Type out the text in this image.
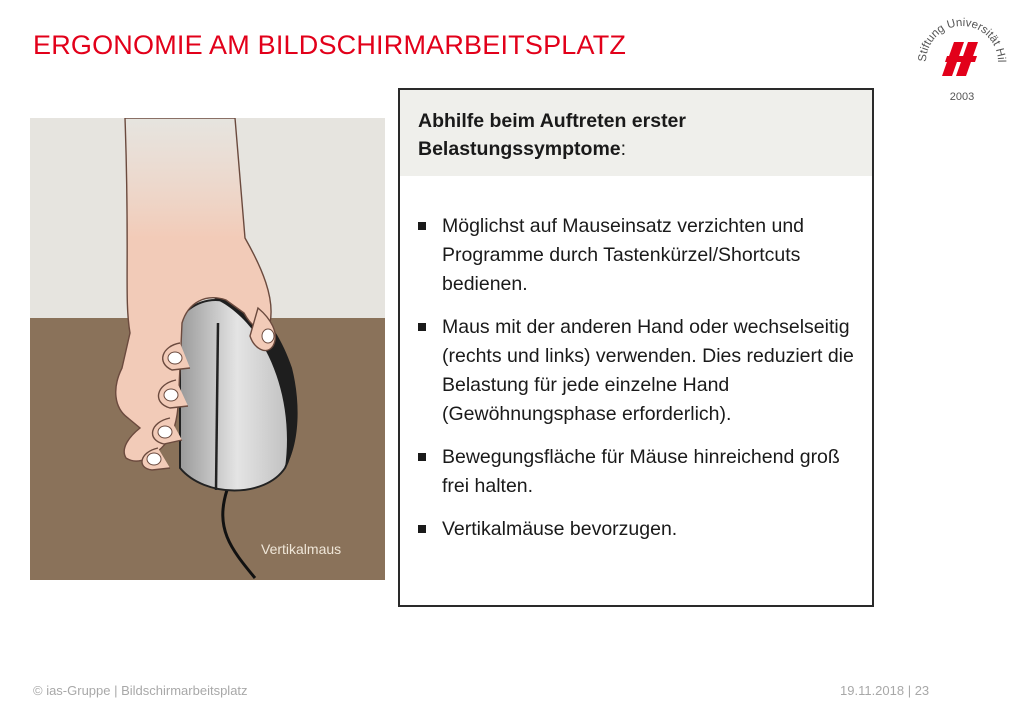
ERGONOMIE AM BILDSCHIRMARBEITSPLATZ	Stiftung Universität Hil
2003
Vertikalmaus
Abhilfe beim Auftreten erster Belastungssymptome:
Möglichst auf Mauseinsatz verzichten und Programme durch Tastenkürzel/Shortcuts bedienen.
Maus mit der anderen Hand oder wechselseitig (rechts und links) verwenden. Dies reduziert die Belastung für jede einzelne Hand (Gewöhnungsphase erforderlich).
Bewegungsfläche für Mäuse hinreichend groß frei halten.
Vertikalmäuse bevorzugen.
© ias-Gruppe | Bildschirmarbeitsplatz	19.11.2018 | 23
